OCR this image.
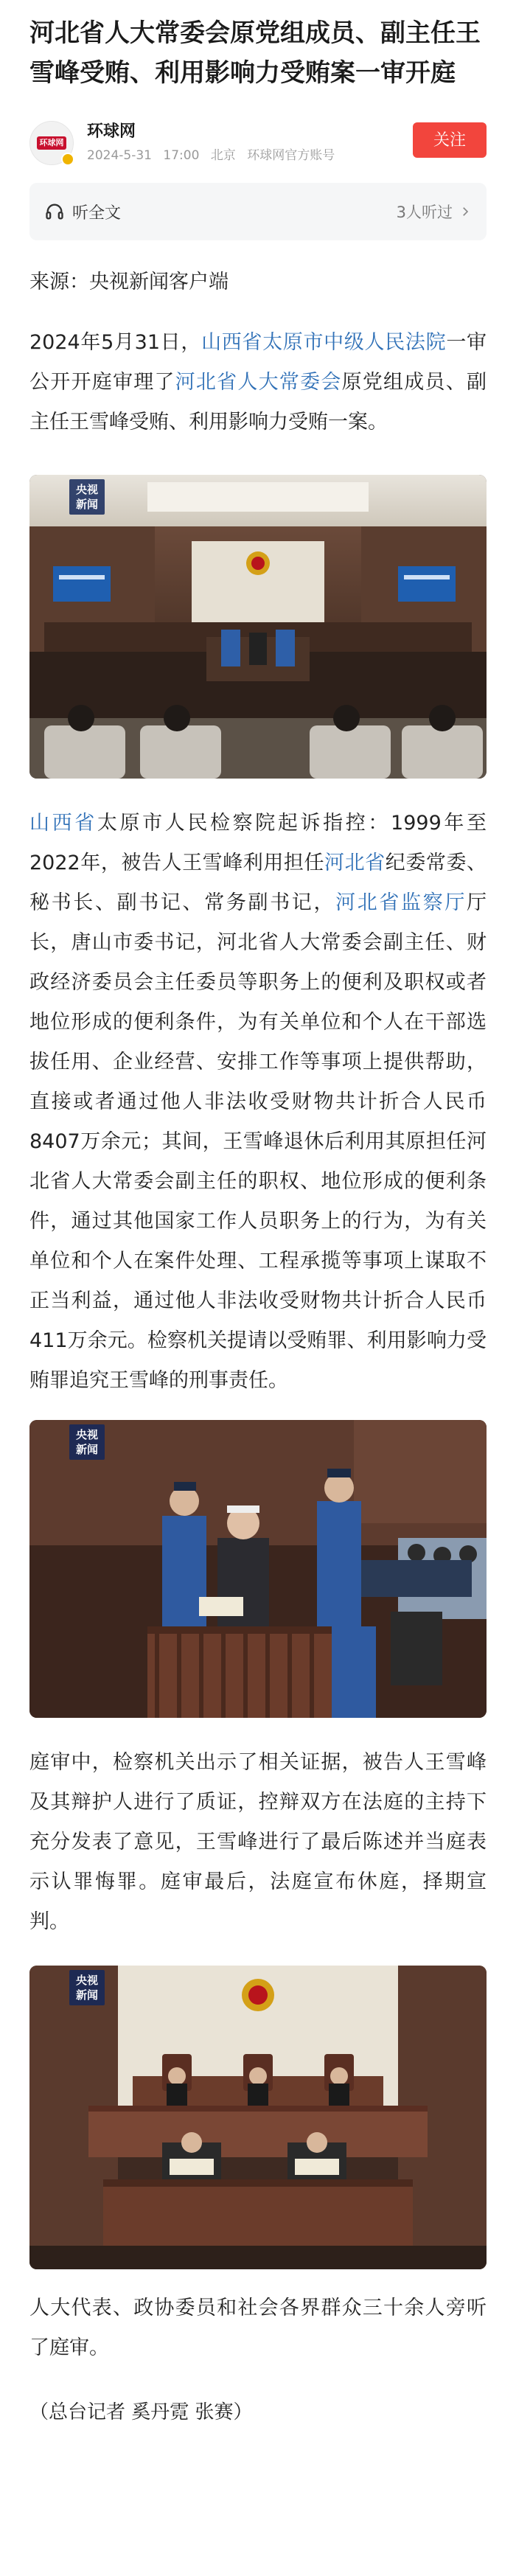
河北省人大常委会原党组成员、副主任王雪峰受贿、利用影响力受贿案一审开庭
环球网
环球网
2024-5-31 17:00 北京 环球网官方账号
关注
听全文	3人听过

来源：央视新闻客户端

2024年5月31日，山西省太原市中级人民法院一审公开开庭审理了河北省人大常委会原党组成员、副主任王雪峰受贿、利用影响力受贿一案。

央视
新闻

山西省太原市人民检察院起诉指控：1999年至2022年，被告人王雪峰利用担任河北省纪委常委、秘书长、副书记、常务副书记，河北省监察厅厅长，唐山市委书记，河北省人大常委会副主任、财政经济委员会主任委员等职务上的便利及职权或者地位形成的便利条件，为有关单位和个人在干部选拔任用、企业经营、安排工作等事项上提供帮助，直接或者通过他人非法收受财物共计折合人民币8407万余元；其间，王雪峰退休后利用其原担任河北省人大常委会副主任的职权、地位形成的便利条件，通过其他国家工作人员职务上的行为，为有关单位和个人在案件处理、工程承揽等事项上谋取不正当利益，通过他人非法收受财物共计折合人民币411万余元。检察机关提请以受贿罪、利用影响力受贿罪追究王雪峰的刑事责任。

央视
新闻

庭审中，检察机关出示了相关证据，被告人王雪峰及其辩护人进行了质证，控辩双方在法庭的主持下充分发表了意见，王雪峰进行了最后陈述并当庭表示认罪悔罪。庭审最后，法庭宣布休庭，择期宣判。

央视
新闻

人大代表、政协委员和社会各界群众三十余人旁听了庭审。

（总台记者 奚丹霓 张赛）
